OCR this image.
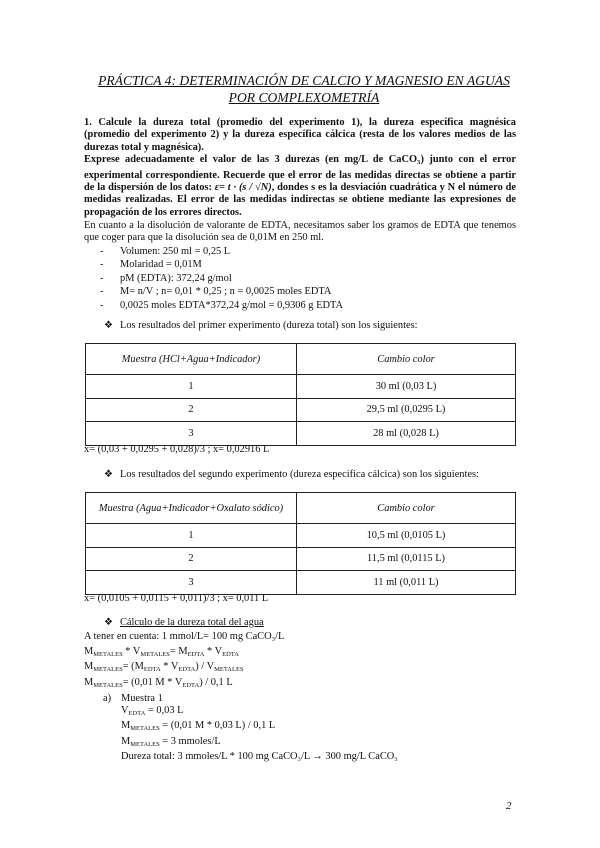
PRÁCTICA 4: DETERMINACIÓN DE CALCIO Y MAGNESIO EN AGUAS
POR COMPLEXOMETRÍA

1. Calcule la dureza total (promedio del experimento 1), la dureza específica magnésica (promedio del experimento 2) y la dureza específica cálcica (resta de los valores medios de las durezas total y magnésica).

Exprese adecuadamente el valor de las 3 durezas (en mg/L de CaCO$_3$) junto con el error experimental correspondiente. Recuerde que el error de las medidas directas se obtiene a partir de la dispersión de los datos: ε= t · (s / √N), dondes s es la desviación cuadrática y N el número de medidas realizadas. El error de las medidas indirectas se obtiene mediante las expresiones de propagación de los errores directos.

En cuanto a la disolución de valorante de EDTA, necesitamos saber los gramos de EDTA que tenemos que coger para que la disolución sea de 0,01M en 250 ml.
- Volumen: 250 ml = 0,25 L
- Molaridad = 0,01M
- pM (EDTA): 372,24 g/mol
- M= n/V ; n= 0,01 * 0,25 ; n = 0,0025 moles EDTA
- 0,0025 moles EDTA*372,24 g/mol = 0,9306 g EDTA
❖ Los resultados del primer experimento (dureza total) son los siguientes:
Muestra (HCl+Agua+Indicador)	Cambio color
1	30 ml (0,03 L)
2	29,5 ml (0,0295 L)
3	28 ml (0,028 L)
x= (0,03 + 0,0295 + 0,028)/3 ; x= 0,02916 L
❖ Los resultados del segundo experimento (dureza específica cálcica) son los siguientes:
Muestra (Agua+Indicador+Oxalato sódico)	Cambio color
1	10,5 ml (0,0105 L)
2	11,5 ml (0,0115 L)
3	11 ml (0,011 L)
x= (0,0105 + 0,0115 + 0,011)/3 ; x= 0,011 L
❖ Cálculo de la dureza total del agua
A tener en cuenta: 1 mmol/L= 100 mg CaCO$_3$/L
MMETALES * VMETALES= MEDTA * VEDTA
MMETALES= (MEDTA * VEDTA) / VMETALES
MMETALES= (0,01 M * VEDTA) / 0,1 L
a) Muestra 1
VEDTA = 0,03 L
MMETALES = (0,01 M * 0,03 L) / 0,1 L
MMETALES = 3 mmoles/L
Dureza total: 3 mmoles/L * 100 mg CaCO$_3$/L → 300 mg/L CaCO$_3$
2
